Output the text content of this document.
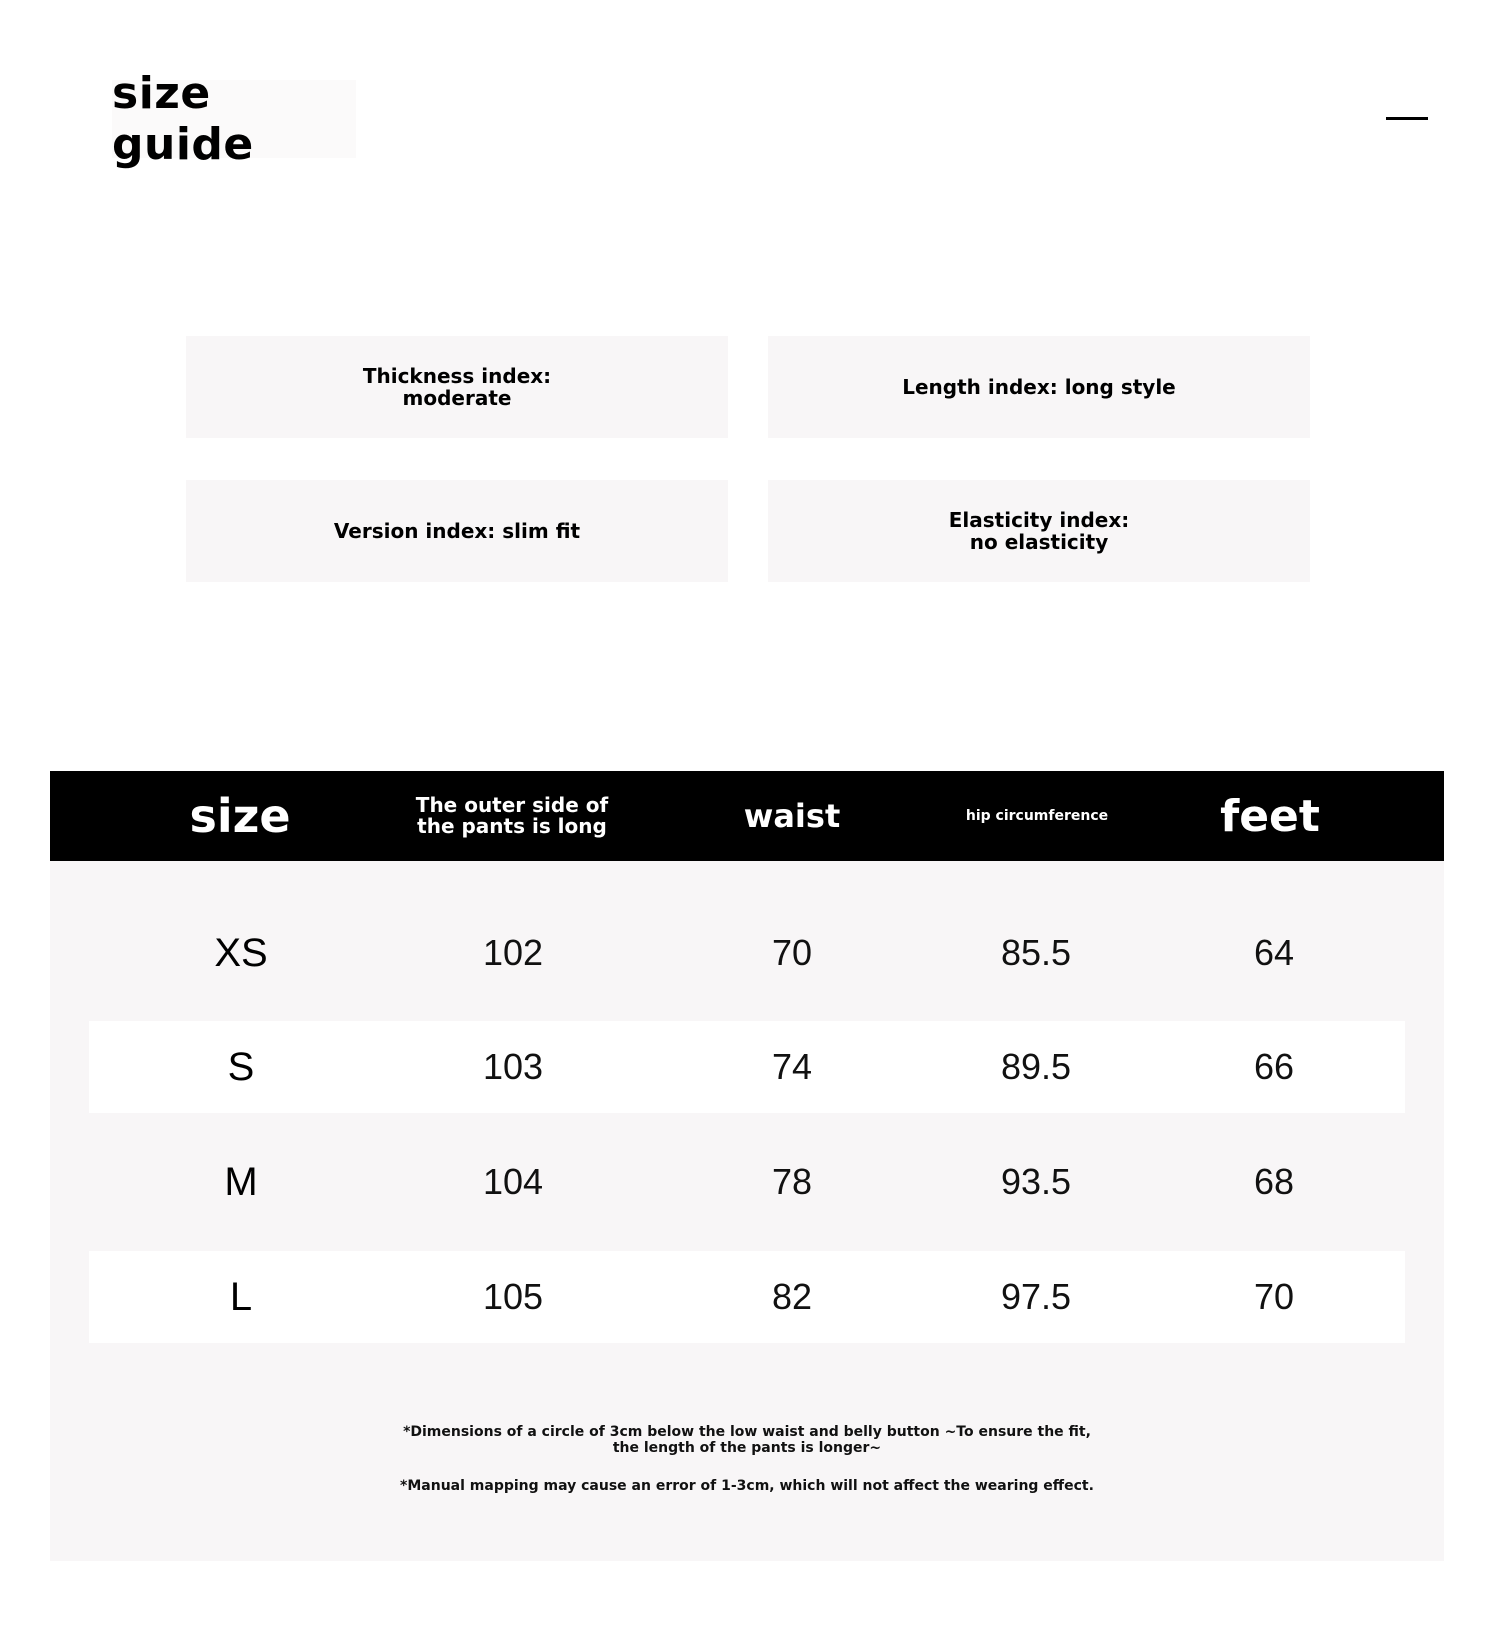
size guide
Thickness index: moderate	Length index: long style
Version index: slim fit	Elasticity index: no elasticity
size	The outer side of the pants is long	waist	hip circumference	feet
XS	102	70	85.5	64
S	103	74	89.5	66
M	104	78	93.5	68
L	105	82	97.5	70
*Dimensions of a circle of 3cm below the low waist and belly button ~To ensure the fit, the length of the pants is longer~
*Manual mapping may cause an error of 1-3cm, which will not affect the wearing effect.
